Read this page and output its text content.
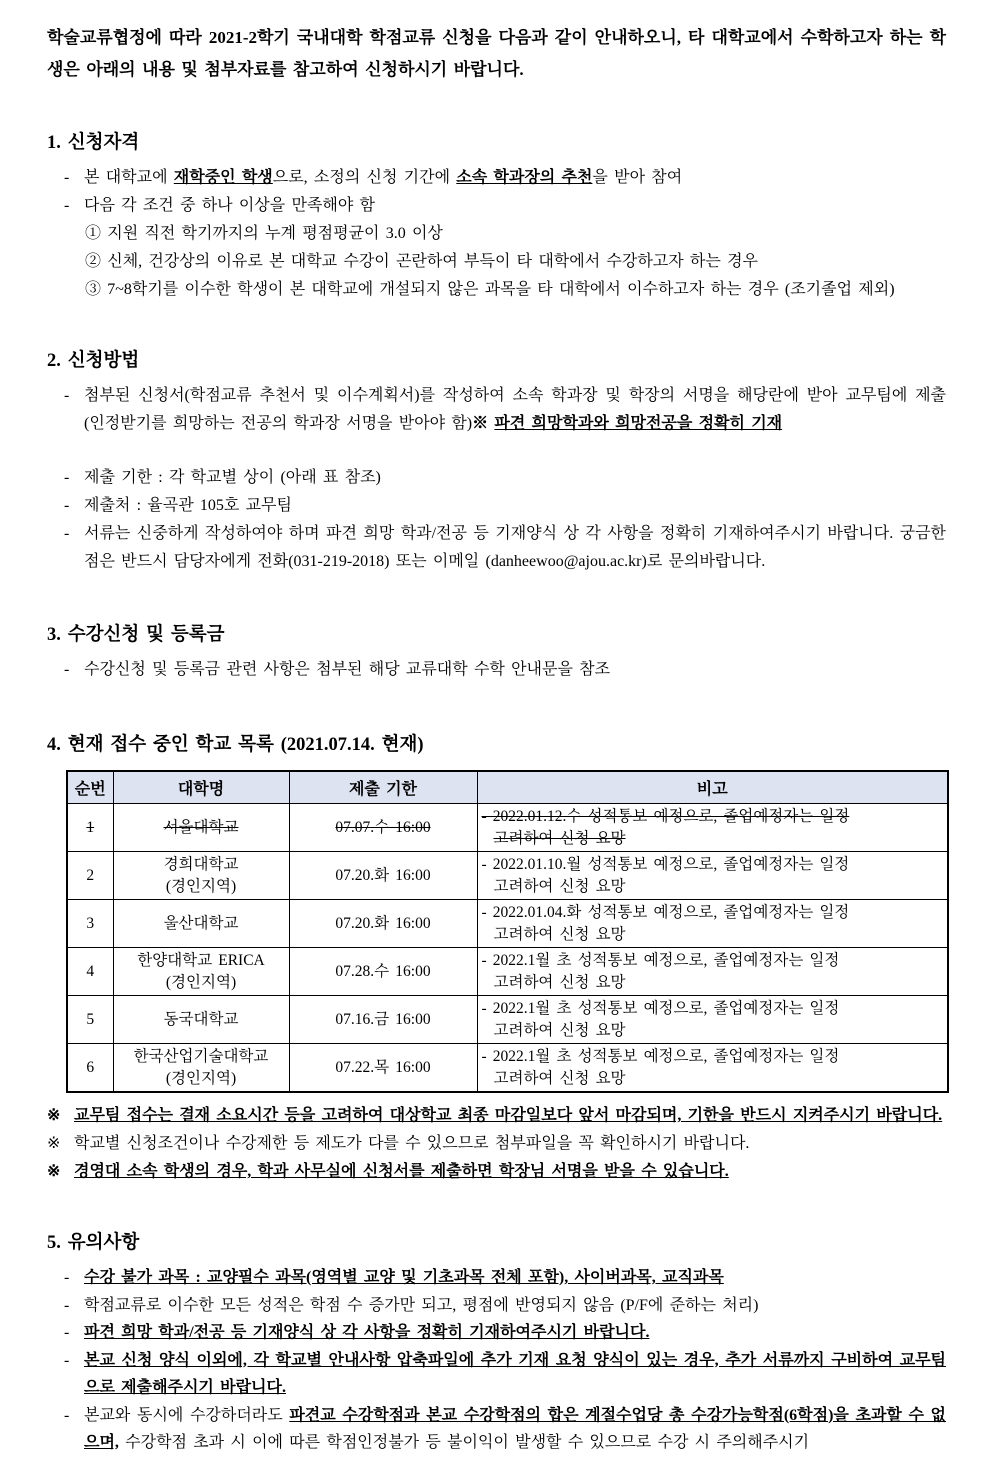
학술교류협정에 따라 2021-2학기 국내대학 학점교류 신청을 다음과 같이 안내하오니, 타 대학교에서 수학하고자 하는 학생은 아래의 내용 및 첨부자료를 참고하여 신청하시기 바랍니다.

1. 신청자격
- 본 대학교에 재학중인 학생으로, 소정의 신청 기간에 소속 학과장의 추천을 받아 참여
- 다음 각 조건 중 하나 이상을 만족해야 함
① 지원 직전 학기까지의 누계 평점평균이 3.0 이상
② 신체, 건강상의 이유로 본 대학교 수강이 곤란하여 부득이 타 대학에서 수강하고자 하는 경우
③ 7~8학기를 이수한 학생이 본 대학교에 개설되지 않은 과목을 타 대학에서 이수하고자 하는 경우 (조기졸업 제외)
2. 신청방법
- 첨부된 신청서(학점교류 추천서 및 이수계획서)를 작성하여 소속 학과장 및 학장의 서명을 해당란에 받아 교무팀에 제출 (인정받기를 희망하는 전공의 학과장 서명을 받아야 함)※ 파견 희망학과와 희망전공을 정확히 기재
- 제출 기한 : 각 학교별 상이 (아래 표 참조)
- 제출처 : 율곡관 105호 교무팀
- 서류는 신중하게 작성하여야 하며 파견 희망 학과/전공 등 기재양식 상 각 사항을 정확히 기재하여주시기 바랍니다. 궁금한 점은 반드시 담당자에게 전화(031-219-2018) 또는 이메일 (danheewoo@ajou.ac.kr)로 문의바랍니다.
3. 수강신청 및 등록금
- 수강신청 및 등록금 관련 사항은 첨부된 해당 교류대학 수학 안내문을 참조
4. 현재 접수 중인 학교 목록 (2021.07.14. 현재)
순번	대학명	제출 기한	비고
1	서울대학교	07.07.수 16:00	- 2022.01.12.수 성적통보 예정으로, 졸업예정자는 일정
고려하여 신청 요망

2	경희대학교
(경인지역)	07.20.화 16:00	- 2022.01.10.월 성적통보 예정으로, 졸업예정자는 일정
고려하여 신청 요망

3	울산대학교	07.20.화 16:00	- 2022.01.04.화 성적통보 예정으로, 졸업예정자는 일정
고려하여 신청 요망

4	한양대학교 ERICA
(경인지역)	07.28.수 16:00	- 2022.1월 초 성적통보 예정으로, 졸업예정자는 일정
고려하여 신청 요망

5	동국대학교	07.16.금 16:00	- 2022.1월 초 성적통보 예정으로, 졸업예정자는 일정
고려하여 신청 요망

6	한국산업기술대학교
(경인지역)	07.22.목 16:00	- 2022.1월 초 성적통보 예정으로, 졸업예정자는 일정
고려하여 신청 요망
※ 교무팀 접수는 결재 소요시간 등을 고려하여 대상학교 최종 마감일보다 앞서 마감되며, 기한을 반드시 지켜주시기 바랍니다.
※ 학교별 신청조건이나 수강제한 등 제도가 다를 수 있으므로 첨부파일을 꼭 확인하시기 바랍니다.
※ 경영대 소속 학생의 경우, 학과 사무실에 신청서를 제출하면 학장님 서명을 받을 수 있습니다.
5. 유의사항
- 수강 불가 과목 : 교양필수 과목(영역별 교양 및 기초과목 전체 포함), 사이버과목, 교직과목
- 학점교류로 이수한 모든 성적은 학점 수 증가만 되고, 평점에 반영되지 않음 (P/F에 준하는 처리)
- 파견 희망 학과/전공 등 기재양식 상 각 사항을 정확히 기재하여주시기 바랍니다.
- 본교 신청 양식 이외에, 각 학교별 안내사항 압축파일에 추가 기재 요청 양식이 있는 경우, 추가 서류까지 구비하여 교무팀으로 제출해주시기 바랍니다.
- 본교와 동시에 수강하더라도 파견교 수강학점과 본교 수강학점의 합은 계절수업당 총 수강가능학점(6학점)을 초과할 수 없으며, 수강학점 초과 시 이에 따른 학점인정불가 등 불이익이 발생할 수 있으므로 수강 시 주의해주시기
